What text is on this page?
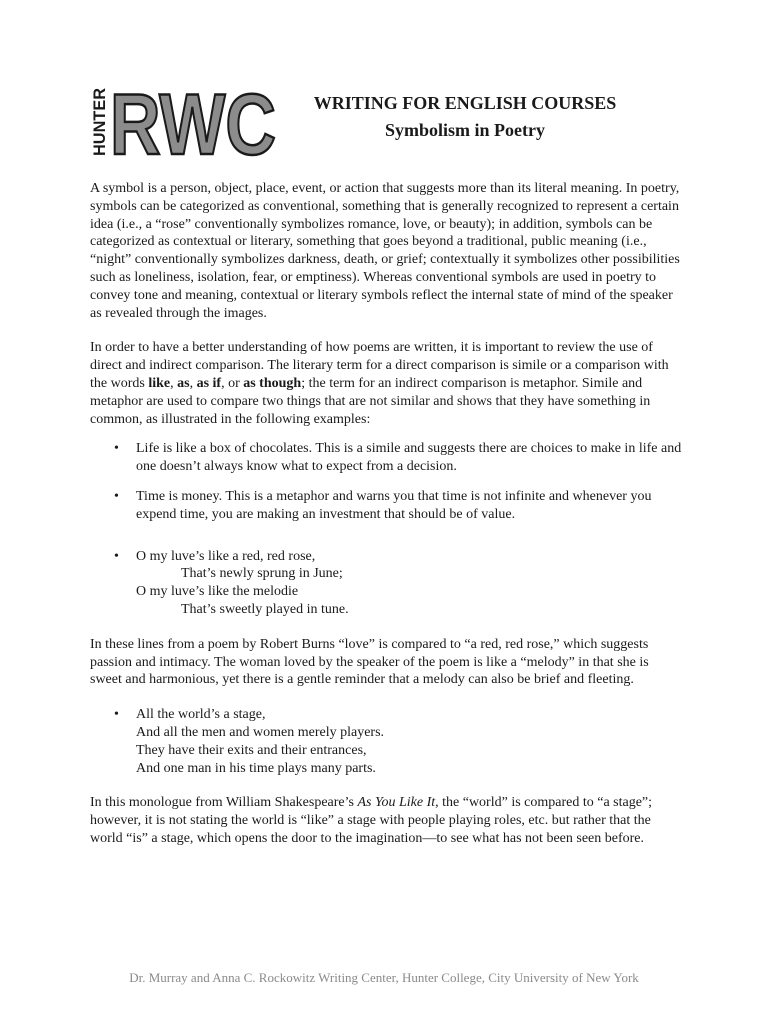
HUNTER RWC	WRITING FOR ENGLISH COURSES
Symbolism in Poetry

A symbol is a person, object, place, event, or action that suggests more than its literal meaning. In poetry, symbols can be categorized as conventional, something that is generally recognized to represent a certain idea (i.e., a “rose” conventionally symbolizes romance, love, or beauty); in addition, symbols can be categorized as contextual or literary, something that goes beyond a traditional, public meaning (i.e., “night” conventionally symbolizes darkness, death, or grief; contextually it symbolizes other possibilities such as loneliness, isolation, fear, or emptiness). Whereas conventional symbols are used in poetry to convey tone and meaning, contextual or literary symbols reflect the internal state of mind of the speaker as revealed through the images.

In order to have a better understanding of how poems are written, it is important to review the use of direct and indirect comparison. The literary term for a direct comparison is simile or a comparison with the words like, as, as if, or as though; the term for an indirect comparison is metaphor. Simile and metaphor are used to compare two things that are not similar and shows that they have something in common, as illustrated in the following examples:

• Life is like a box of chocolates. This is a simile and suggests there are choices to make in life and one doesn’t always know what to expect from a decision.
• Time is money. This is a metaphor and warns you that time is not infinite and whenever you expend time, you are making an investment that should be of value.
• O my luve’s like a red, red rose,
That’s newly sprung in June;
O my luve’s like the melodie
That’s sweetly played in tune.

In these lines from a poem by Robert Burns “love” is compared to “a red, red rose,” which suggests passion and intimacy. The woman loved by the speaker of the poem is like a “melody” in that she is sweet and harmonious, yet there is a gentle reminder that a melody can also be brief and fleeting.

• All the world’s a stage,
And all the men and women merely players.
They have their exits and their entrances,
And one man in his time plays many parts.

In this monologue from William Shakespeare’s As You Like It, the “world” is compared to “a stage”; however, it is not stating the world is “like” a stage with people playing roles, etc. but rather that the world “is” a stage, which opens the door to the imagination—to see what has not been seen before.

Dr. Murray and Anna C. Rockowitz Writing Center, Hunter College, City University of New York
